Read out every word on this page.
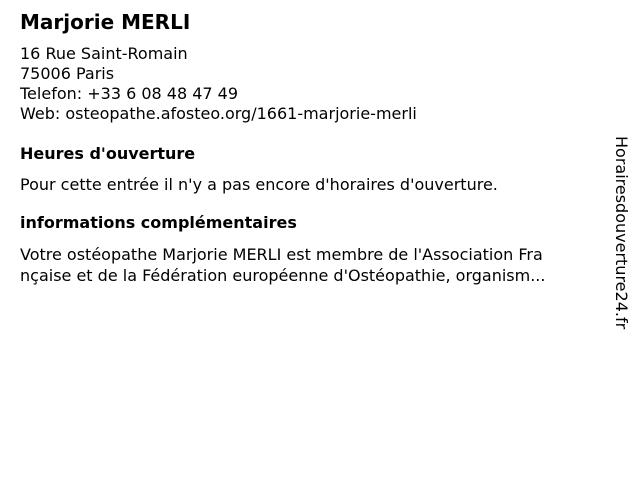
Marjorie MERLI
16 Rue Saint-Romain
75006 Paris
Telefon: +33 6 08 48 47 49
Web: osteopathe.afosteo.org/1661-marjorie-merli
Heures d'ouverture
Pour cette entrée il n'y a pas encore d'horaires d'ouverture.
informations complémentaires
Votre ostéopathe Marjorie MERLI est membre de l'Association Fra
nçaise et de la Fédération européenne d'Ostéopathie, organism...	Horairesdouverture24.fr
